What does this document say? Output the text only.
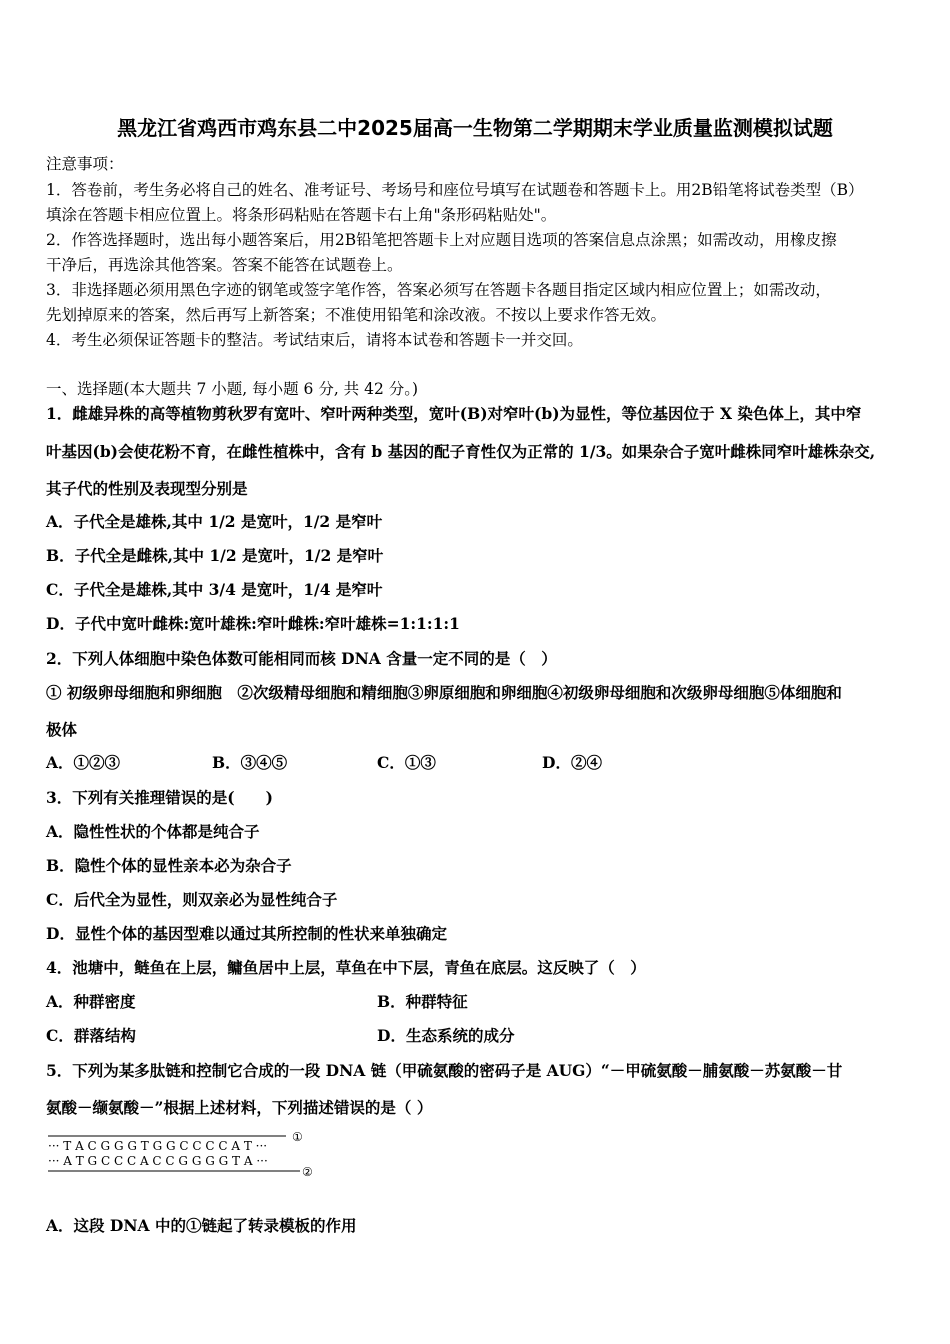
黑龙江省鸡西市鸡东县二中2025届高一生物第二学期期末学业质量监测模拟试题
注意事项：
1．答卷前，考生务必将自己的姓名、准考证号、考场号和座位号填写在试题卷和答题卡上。用2B铅笔将试卷类型（B）
填涂在答题卡相应位置上。将条形码粘贴在答题卡右上角"条形码粘贴处"。
2．作答选择题时，选出每小题答案后，用2B铅笔把答题卡上对应题目选项的答案信息点涂黑；如需改动，用橡皮擦
干净后，再选涂其他答案。答案不能答在试题卷上。
3．非选择题必须用黑色字迹的钢笔或签字笔作答，答案必须写在答题卡各题目指定区域内相应位置上；如需改动，
先划掉原来的答案，然后再写上新答案；不准使用铅笔和涂改液。不按以上要求作答无效。
4．考生必须保证答题卡的整洁。考试结束后，请将本试卷和答题卡一并交回。
一、选择题(本大题共 7 小题, 每小题 6 分, 共 42 分。)
1．雌雄异株的高等植物剪秋罗有宽叶、窄叶两种类型，宽叶(B)对窄叶(b)为显性，等位基因位于 X 染色体上，其中窄
叶基因(b)会使花粉不育，在雌性植株中，含有 b 基因的配子育性仅为正常的 1/3。如果杂合子宽叶雌株同窄叶雄株杂交,
其子代的性别及表现型分别是
A．子代全是雄株,其中 1/2 是宽叶，1/2 是窄叶
B．子代全是雌株,其中 1/2 是宽叶，1/2 是窄叶
C．子代全是雄株,其中 3/4 是宽叶，1/4 是窄叶
D．子代中宽叶雌株:宽叶雄株:窄叶雌株:窄叶雄株=1:1:1:1
2．下列人体细胞中染色体数可能相同而核 DNA 含量一定不同的是（　）
① 初级卵母细胞和卵细胞　②次级精母细胞和精细胞③卵原细胞和卵细胞④初级卵母细胞和次级卵母细胞⑤体细胞和
极体
A．①②③	B．③④⑤	C．①③	D．②④
3．下列有关推理错误的是(　　)
A．隐性性状的个体都是纯合子
B．隐性个体的显性亲本必为杂合子
C．后代全为显性，则双亲必为显性纯合子
D．显性个体的基因型难以通过其所控制的性状来单独确定
4．池塘中，鲢鱼在上层，鳙鱼居中上层，草鱼在中下层，青鱼在底层。这反映了（　）
A．种群密度	B．种群特征
C．群落结构	D．生态系统的成分
5．下列为某多肽链和控制它合成的一段 DNA 链（甲硫氨酸的密码子是 AUG）“－甲硫氨酸－脯氨酸－苏氨酸－甘
氨酸－缬氨酸－”根据上述材料，下列描述错误的是（ ）
··· T A C G G G T G G C C C C A T ···
··· A T G C C C A C C G G G G T A ···
①
②
A．这段 DNA 中的①链起了转录模板的作用
